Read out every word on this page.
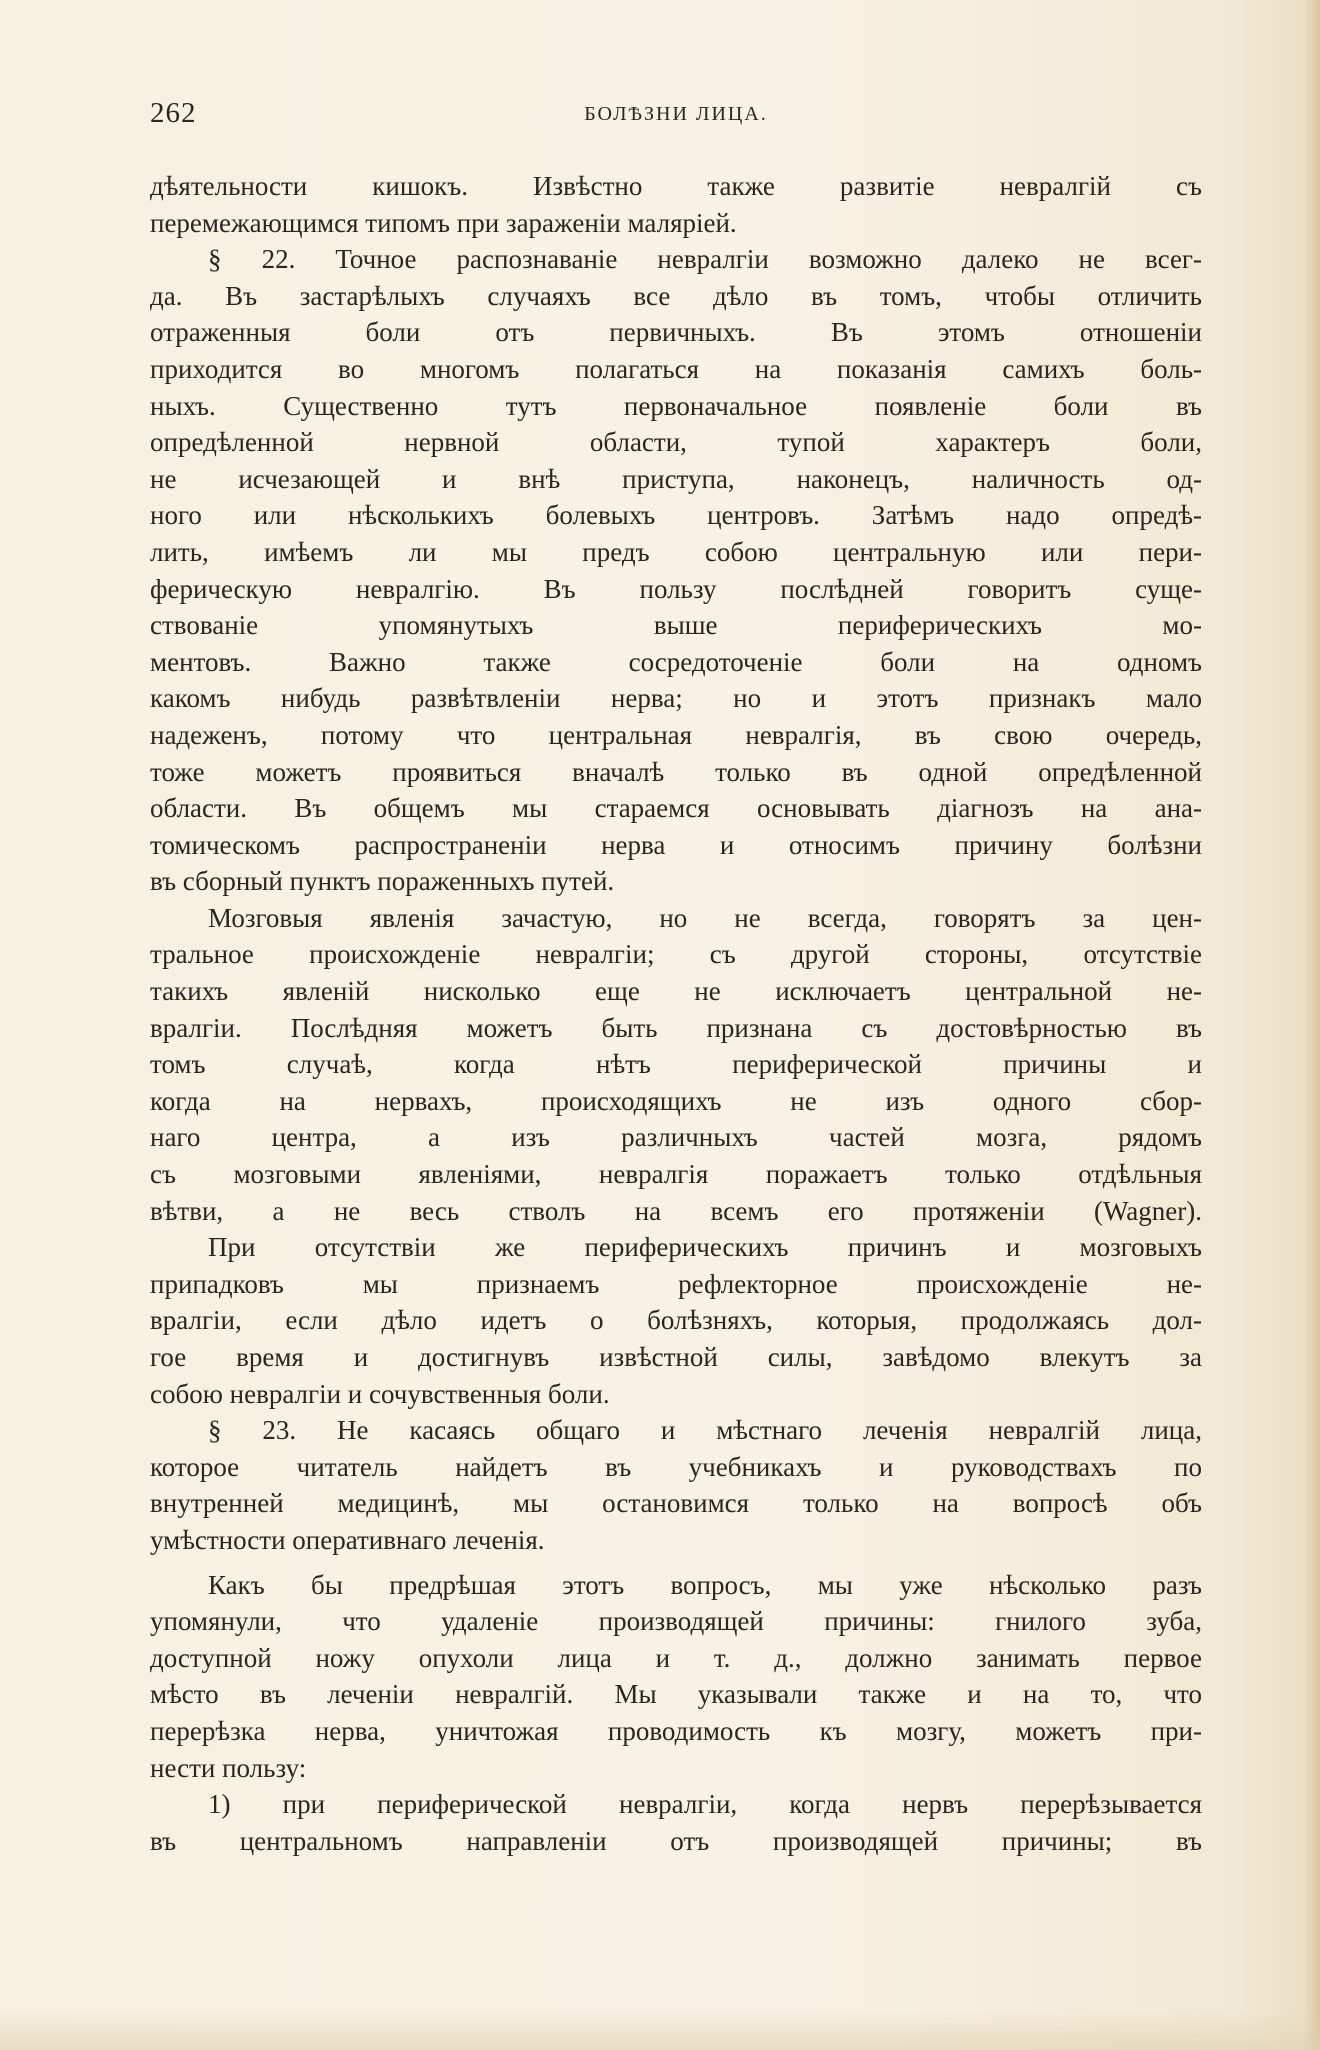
262	БОЛѢЗНИ ЛИЦА.
дѣятельности кишокъ. Извѣстно также развитіе невралгій съ
перемежающимся типомъ при зараженіи маляріей.
§ 22. Точное распознаваніе невралгіи возможно далеко не всег-
да. Въ застарѣлыхъ случаяхъ все дѣло въ томъ, чтобы отличить
отраженныя боли отъ первичныхъ. Въ этомъ отношеніи
приходится во многомъ полагаться на показанія самихъ боль-
ныхъ. Существенно тутъ первоначальное появленіе боли въ
опредѣленной нервной области, тупой характеръ боли,
не исчезающей и внѣ приступа, наконецъ, наличность од-
ного или нѣсколькихъ болевыхъ центровъ. Затѣмъ надо опредѣ-
лить, имѣемъ ли мы предъ собою центральную или пери-
ферическую невралгію. Въ пользу послѣдней говоритъ суще-
ствованіе упомянутыхъ выше периферическихъ мо-
ментовъ. Важно также сосредоточеніе боли на одномъ
какомъ нибудь развѣтвленіи нерва; но и этотъ признакъ мало
надеженъ, потому что центральная невралгія, въ свою очередь,
тоже можетъ проявиться вначалѣ только въ одной опредѣленной
области. Въ общемъ мы стараемся основывать діагнозъ на ана-
томическомъ распространеніи нерва и относимъ причину болѣзни
въ сборный пунктъ пораженныхъ путей.
Мозговыя явленія зачастую, но не всегда, говорятъ за цен-
тральное происхожденіе невралгіи; съ другой стороны, отсутствіе
такихъ явленій нисколько еще не исключаетъ центральной не-
вралгіи. Послѣдняя можетъ быть признана съ достовѣрностью въ
томъ случаѣ, когда нѣтъ периферической причины и
когда на нервахъ, происходящихъ не изъ одного сбор-
наго центра, а изъ различныхъ частей мозга, рядомъ
съ мозговыми явленіями, невралгія поражаетъ только отдѣльныя
вѣтви, а не весь стволъ на всемъ его протяженіи (Wagner).
При отсутствіи же периферическихъ причинъ и мозговыхъ
припадковъ мы признаемъ рефлекторное происхожденіе не-
вралгіи, если дѣло идетъ о болѣзняхъ, которыя, продолжаясь дол-
гое время и достигнувъ извѣстной силы, завѣдомо влекутъ за
собою невралгіи и сочувственныя боли.
§ 23. Не касаясь общаго и мѣстнаго леченія невралгій лица,
которое читатель найдетъ въ учебникахъ и руководствахъ по
внутренней медицинѣ, мы остановимся только на вопросѣ объ
умѣстности оперативнаго леченія.
Какъ бы предрѣшая этотъ вопросъ, мы уже нѣсколько разъ
упомянули, что удаленіе производящей причины: гнилого зуба,
доступной ножу опухоли лица и т. д., должно занимать первое
мѣсто въ леченіи невралгій. Мы указывали также и на то, что
перерѣзка нерва, уничтожая проводимость къ мозгу, можетъ при-
нести пользу:
1) при периферической невралгіи, когда нервъ перерѣзывается
въ центральномъ направленіи отъ производящей причины; въ
